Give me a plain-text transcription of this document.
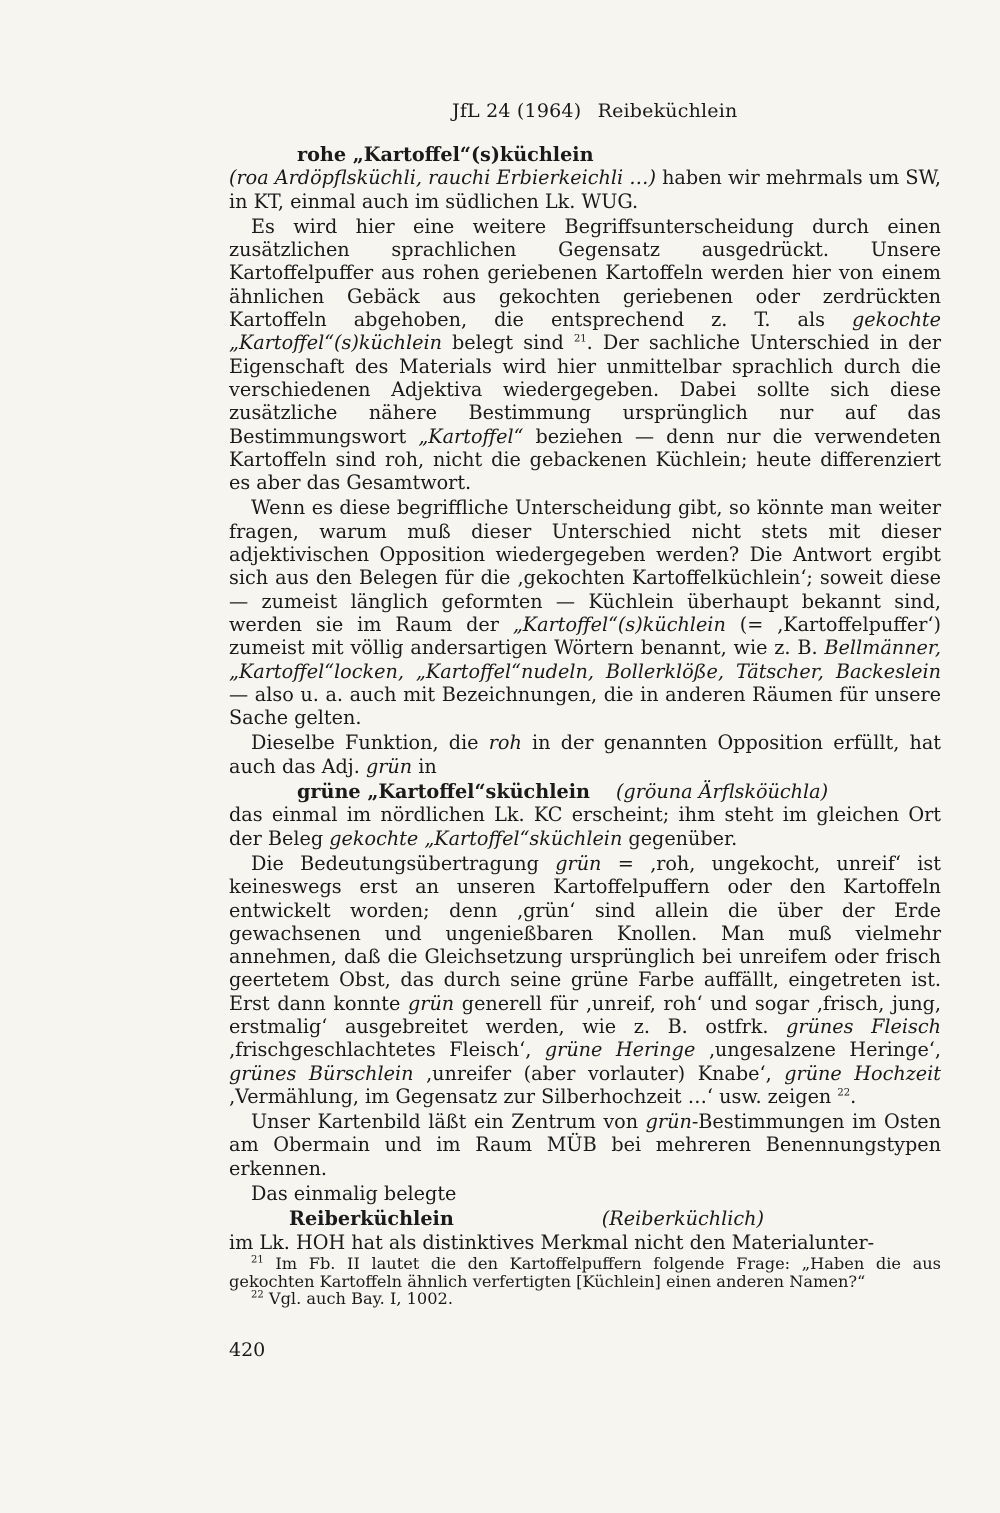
JfL 24 (1964) Reibeküchlein
rohe „Kartoffel“(s)küchlein

(roa Ardöpflsküchli, rauchi Erbierkeichli …) haben wir mehrmals um SW, in KT, einmal auch im südlichen Lk. WUG.

Es wird hier eine weitere Begriffsunterscheidung durch einen zusätzlichen sprachlichen Gegensatz ausgedrückt. Unsere Kartoffelpuffer aus rohen geriebenen Kartoffeln werden hier von einem ähnlichen Gebäck aus gekochten geriebenen oder zerdrückten Kartoffeln abgehoben, die entsprechend z. T. als gekochte „Kartoffel“(s)küchlein belegt sind $^{21}$. Der sachliche Unterschied in der Eigenschaft des Materials wird hier unmittelbar sprachlich durch die verschiedenen Adjektiva wiedergegeben. Dabei sollte sich diese zusätzliche nähere Bestimmung ursprünglich nur auf das Bestimmungswort „Kartoffel“ beziehen — denn nur die verwendeten Kartoffeln sind roh, nicht die gebackenen Küchlein; heute differenziert es aber das Gesamtwort.

Wenn es diese begriffliche Unterscheidung gibt, so könnte man weiter fragen, warum muß dieser Unterschied nicht stets mit dieser adjektivischen Opposition wiedergegeben werden? Die Antwort ergibt sich aus den Belegen für die ‚gekochten Kartoffelküchlein‘; soweit diese — zumeist länglich geformten — Küchlein überhaupt bekannt sind, werden sie im Raum der „Kartoffel“(s)küchlein (= ‚Kartoffelpuffer‘) zumeist mit völlig andersartigen Wörtern benannt, wie z. B. Bellmänner, „Kartoffel“locken, „Kartoffel“nudeln, Bollerklöße, Tätscher, Backeslein — also u. a. auch mit Bezeichnungen, die in anderen Räumen für unsere Sache gelten.

Dieselbe Funktion, die roh in der genannten Opposition erfüllt, hat auch das Adj. grün in

grüne „Kartoffel“sküchlein (gröuna Ärflsköüchla)

das einmal im nördlichen Lk. KC erscheint; ihm steht im gleichen Ort der Beleg gekochte „Kartoffel“sküchlein gegenüber.

Die Bedeutungsübertragung grün = ‚roh, ungekocht, unreif‘ ist keineswegs erst an unseren Kartoffelpuffern oder den Kartoffeln entwickelt worden; denn ‚grün‘ sind allein die über der Erde gewachsenen und ungenießbaren Knollen. Man muß vielmehr annehmen, daß die Gleichsetzung ursprünglich bei unreifem oder frisch geertetem Obst, das durch seine grüne Farbe auffällt, eingetreten ist. Erst dann konnte grün generell für ‚unreif, roh‘ und sogar ‚frisch, jung, erstmalig‘ ausgebreitet werden, wie z. B. ostfrk. grünes Fleisch ‚frischgeschlachtetes Fleisch‘, grüne Heringe ‚ungesalzene Heringe‘, grünes Bürschlein ‚unreifer (aber vorlauter) Knabe‘, grüne Hochzeit ‚Vermählung, im Gegensatz zur Silberhochzeit …‘ usw. zeigen $^{22}$.

Unser Kartenbild läßt ein Zentrum von grün-Bestimmungen im Osten am Obermain und im Raum MÜB bei mehreren Benennungstypen erkennen.

Das einmalig belegte

Reiberküchlein	(Reiberküchlich)

im Lk. HOH hat als distinktives Merkmal nicht den Materialunter-

$^{21}$ Im Fb. II lautet die den Kartoffelpuffern folgende Frage: „Haben die aus gekochten Kartoffeln ähnlich verfertigten [Küchlein] einen anderen Namen?“

$^{22}$ Vgl. auch Bay. I, 1002.

420
